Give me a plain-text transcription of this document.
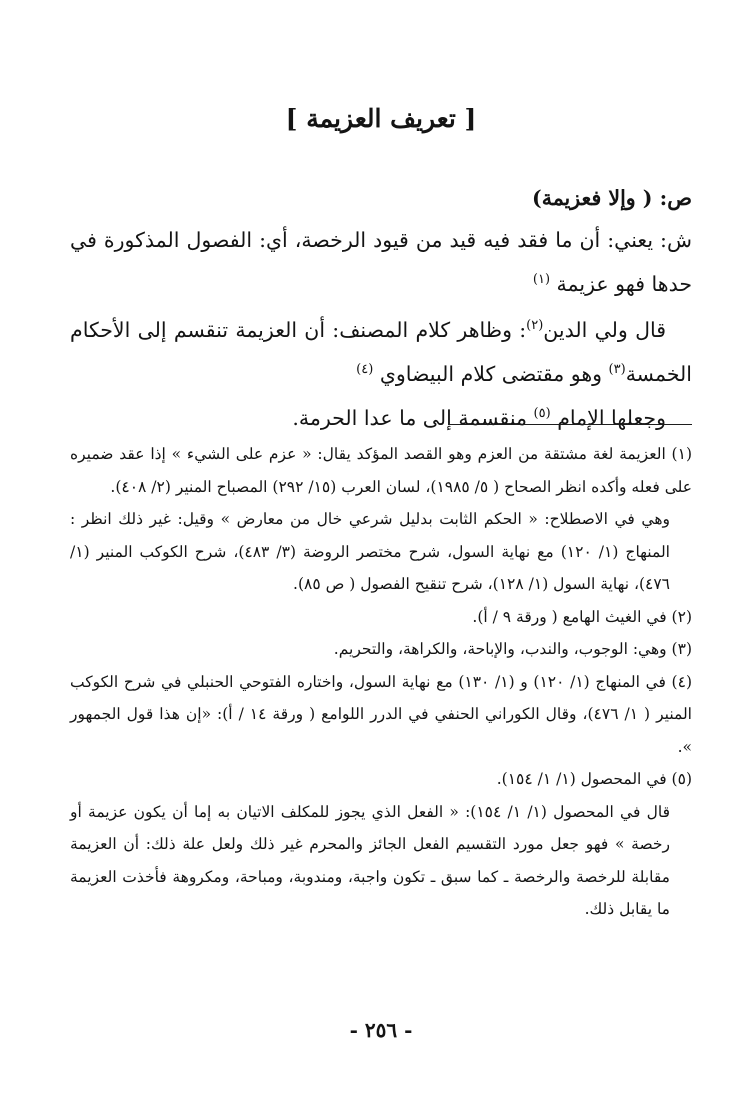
[ تعريف العزيمة ]

ص: ( وإلا فعزيمة)

ش: يعني: أن ما فقد فيه قيد من قيود الرخصة، أي: الفصول المذكورة في حدها فهو عزيمة $^{(١)}$

قال ولي الدين$^{(٢)}$: وظاهر كلام المصنف: أن العزيمة تنقسم إلى الأحكام الخمسة$^{(٣)}$ وهو مقتضى كلام البيضاوي $^{(٤)}$

وجعلها الإمام $^{(٥)}$ منقسمة إلى ما عدا الحرمة.

(١) العزيمة لغة مشتقة من العزم وهو القصد المؤكد يقال: « عزم على الشيء » إذا عقد ضميره على فعله وأكده انظر الصحاح ( ٥/ ١٩٨٥)، لسان العرب (١٥/ ٢٩٢) المصباح المنير (٢/ ٤٠٨).

وهي في الاصطلاح: « الحكم الثابت بدليل شرعي خال من معارض » وقيل: غير ذلك انظر : المنهاج (١/ ١٢٠) مع نهاية السول، شرح مختصر الروضة (٣/ ٤٨٣)، شرح الكوكب المنير (١/ ٤٧٦)، نهاية السول (١/ ١٢٨)، شرح تنقيح الفصول ( ص ٨٥).

(٢) في الغيث الهامع ( ورقة ٩ / أ).

(٣) وهي: الوجوب، والندب، والإباحة، والكراهة، والتحريم.

(٤) في المنهاج (١/ ١٢٠) و (١/ ١٣٠) مع نهاية السول، واختاره الفتوحي الحنبلي في شرح الكوكب المنير ( ١/ ٤٧٦)، وقال الكوراني الحنفي في الدرر اللوامع ( ورقة ١٤ / أ): «إن هذا قول الجمهور ».

(٥) في المحصول (١/ ١/ ١٥٤).

قال في المحصول (١/ ١/ ١٥٤): « الفعل الذي يجوز للمكلف الاتيان به إما أن يكون عزيمة أو رخصة » فهو جعل مورد التقسيم الفعل الجائز والمحرم غير ذلك ولعل علة ذلك: أن العزيمة مقابلة للرخصة والرخصة ـ كما سبق ـ تكون واجبة، ومندوبة، ومباحة، ومكروهة فأخذت العزيمة ما يقابل ذلك.

- ٢٥٦ -
